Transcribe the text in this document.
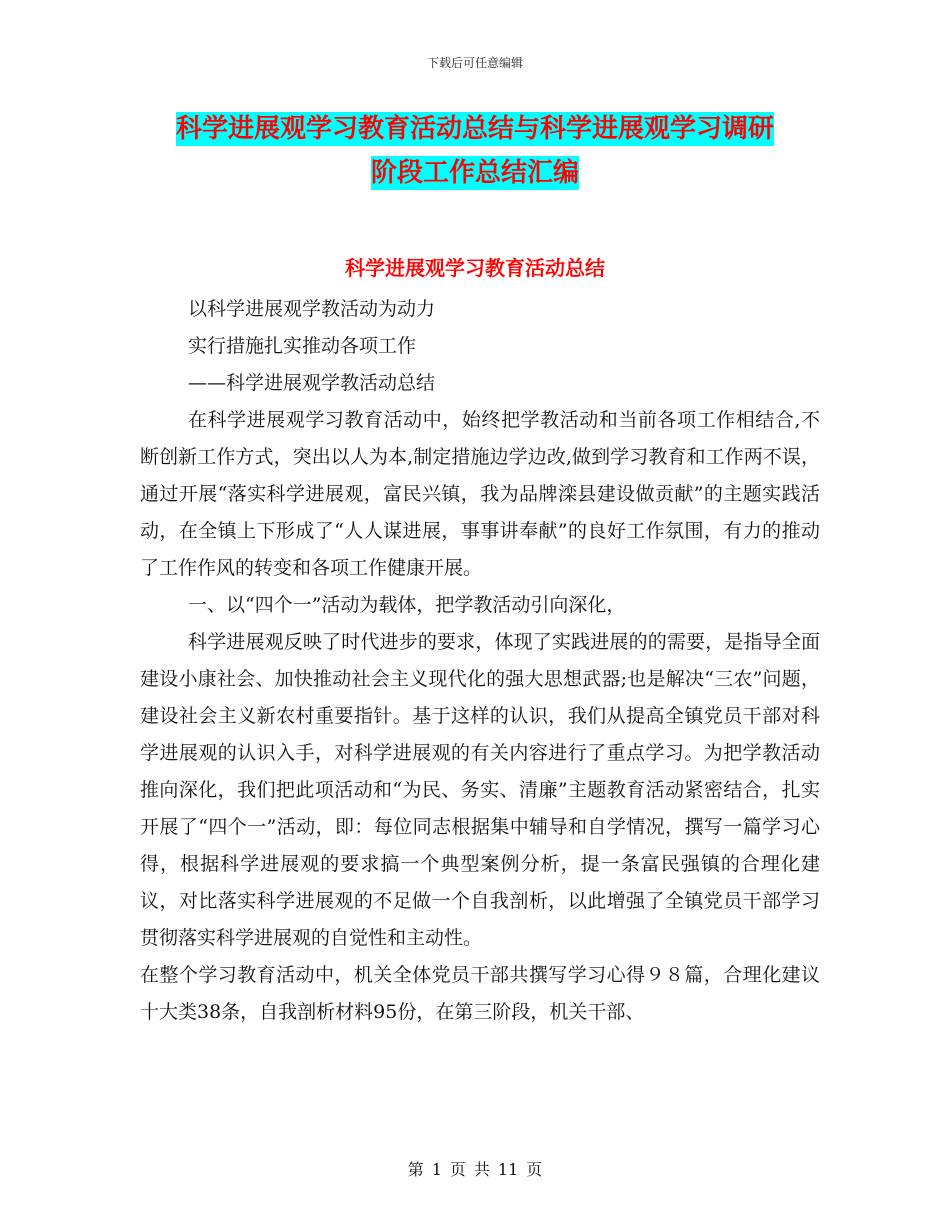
下载后可任意编辑
科学进展观学习教育活动总结与科学进展观学习调研
阶段工作总结汇编
科学进展观学习教育活动总结

以科学进展观学教活动为动力

实行措施扎实推动各项工作

——科学进展观学教活动总结

在科学进展观学习教育活动中，始终把学教活动和当前各项工作相结合,不断创新工作方式，突出以人为本,制定措施边学边改,做到学习教育和工作两不误，通过开展“落实科学进展观，富民兴镇，我为品牌滦县建设做贡献”的主题实践活动，在全镇上下形成了“人人谋进展，事事讲奉献”的良好工作氛围，有力的推动了工作作风的转变和各项工作健康开展。

一、以“四个一”活动为载体，把学教活动引向深化，

科学进展观反映了时代进步的要求，体现了实践进展的的需要，是指导全面建设小康社会、加快推动社会主义现代化的强大思想武器;也是解决“三农”问题，建设社会主义新农村重要指针。基于这样的认识，我们从提高全镇党员干部对科学进展观的认识入手，对科学进展观的有关内容进行了重点学习。为把学教活动推向深化，我们把此项活动和“为民、务实、清廉”主题教育活动紧密结合，扎实开展了“四个一”活动，即：每位同志根据集中辅导和自学情况，撰写一篇学习心得，根据科学进展观的要求搞一个典型案例分析，提一条富民强镇的合理化建议，对比落实科学进展观的不足做一个自我剖析，以此增强了全镇党员干部学习贯彻落实科学进展观的自觉性和主动性。

在整个学习教育活动中，机关全体党员干部共撰写学习心得９８篇，合理化建议十大类38条，自我剖析材料95份，在第三阶段，机关干部、

第 1 页 共 11 页
